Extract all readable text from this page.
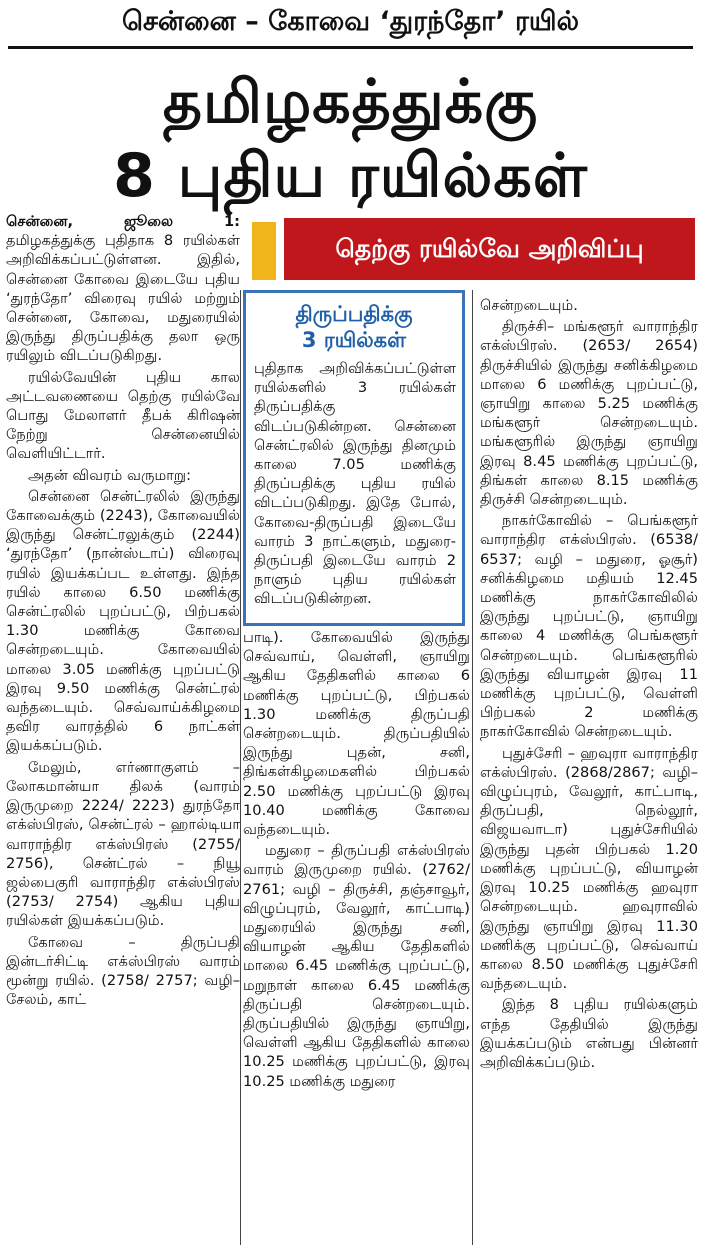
சென்னை – கோவை ‘துரந்தோ’ ரயில்
தமிழகத்துக்கு
8 புதிய ரயில்கள்
தெற்கு ரயில்வே அறிவிப்பு

சென்னை, ஜூலை 1: தமிழகத்துக்கு புதிதாக 8 ரயில்கள் அறிவிக்கப்பட்டுள்ளன. இதில், சென்னை கோவை இடையே புதிய ‘துரந்தோ’ விரைவு ரயில் மற்றும் சென்னை, கோவை, மதுரையில் இருந்து திருப்பதிக்கு தலா ஒரு ரயிலும் விடப்படுகிறது.

ரயில்வேயின் புதிய கால அட்டவணையை தெற்கு ரயில்வே பொது மேலாளர் தீபக் கிரிஷன் நேற்று சென்னையில் வெளியிட்டார்.

அதன் விவரம் வருமாறு:

சென்னை சென்ட்ரலில் இருந்து கோவைக்கும் (2243), கோவையில் இருந்து சென்ட்ரலுக்கும் (2244) ‘துரந்தோ’ (நான்ஸ்டாப்) விரைவு ரயில் இயக்கப்பட உள்ளது. இந்த ரயில் காலை 6.50 மணிக்கு சென்ட்ரலில் புறப்பட்டு, பிற்பகல் 1.30 மணிக்கு கோவை சென்றடையும். கோவையில் மாலை 3.05 மணிக்கு புறப்பட்டு இரவு 9.50 மணிக்கு சென்ட்ரல் வந்தடையும். செவ்வாய்க்கிழமை தவிர வாரத்தில் 6 நாட்கள் இயக்கப்படும்.

மேலும், எர்ணாகுளம் – லோகமான்யா திலக் (வாரம் இருமுறை 2224/ 2223) துரந்தோ எக்ஸ்பிரஸ், சென்ட்ரல் – ஹால்டியா வாராந்திர எக்ஸ்பிரஸ் (2755/ 2756), சென்ட்ரல் – நியூ ஜல்பைகுரி வாராந்திர எக்ஸ்பிரஸ் (2753/ 2754) ஆகிய புதிய ரயில்கள் இயக்கப்படும்.

கோவை – திருப்பதி இன்டர்சிட்டி எக்ஸ்பிரஸ் வாரம் மூன்று ரயில். (2758/ 2757; வழி– சேலம், காட்

திருப்பதிக்கு
3 ரயில்கள்

புதிதாக அறிவிக்கப்பட்டுள்ள ரயில்களில் 3 ரயில்கள் திருப்பதிக்கு விடப்படுகின்றன. சென்னை சென்ட்ரலில் இருந்து தினமும் காலை 7.05 மணிக்கு திருப்பதிக்கு புதிய ரயில் விடப்படுகிறது. இதே போல், கோவை-திருப்பதி இடையே வாரம் 3 நாட்களும், மதுரை-திருப்பதி இடையே வாரம் 2 நாளும் புதிய ரயில்கள் விடப்படுகின்றன.

பாடி). கோவையில் இருந்து செவ்வாய், வெள்ளி, ஞாயிறு ஆகிய தேதிகளில் காலை 6 மணிக்கு புறப்பட்டு, பிற்பகல் 1.30 மணிக்கு திருப்பதி சென்றடையும். திருப்பதியில் இருந்து புதன், சனி, திங்கள்கிழமைகளில் பிற்பகல் 2.50 மணிக்கு புறப்பட்டு இரவு 10.40 மணிக்கு கோவை வந்தடையும்.

மதுரை – திருப்பதி எக்ஸ்பிரஸ் வாரம் இருமுறை ரயில். (2762/ 2761; வழி – திருச்சி, தஞ்சாவூர், விழுப்புரம், வேலூர், காட்பாடி) மதுரையில் இருந்து சனி, வியாழன் ஆகிய தேதிகளில் மாலை 6.45 மணிக்கு புறப்பட்டு, மறுநாள் காலை 6.45 மணிக்கு திருப்பதி சென்றடையும். திருப்பதியில் இருந்து ஞாயிறு, வெள்ளி ஆகிய தேதிகளில் காலை 10.25 மணிக்கு புறப்பட்டு, இரவு 10.25 மணிக்கு மதுரை

சென்றடையும்.

திருச்சி– மங்களூர் வாராந்திர எக்ஸ்பிரஸ். (2653/ 2654) திருச்சியில் இருந்து சனிக்கிழமை மாலை 6 மணிக்கு புறப்பட்டு, ஞாயிறு காலை 5.25 மணிக்கு மங்களூர் சென்றடையும். மங்களூரில் இருந்து ஞாயிறு இரவு 8.45 மணிக்கு புறப்பட்டு, திங்கள் காலை 8.15 மணிக்கு திருச்சி சென்றடையும்.

நாகர்கோவில் – பெங்களூர் வாராந்திர எக்ஸ்பிரஸ். (6538/ 6537; வழி – மதுரை, ஓசூர்) சனிக்கிழமை மதியம் 12.45 மணிக்கு நாகர்கோவிலில் இருந்து புறப்பட்டு, ஞாயிறு காலை 4 மணிக்கு பெங்களூர் சென்றடையும். பெங்களூரில் இருந்து வியாழன் இரவு 11 மணிக்கு புறப்பட்டு, வெள்ளி பிற்பகல் 2 மணிக்கு நாகர்கோவில் சென்றடையும்.

புதுச்சேரி – ஹவுரா வாராந்திர எக்ஸ்பிரஸ். (2868/2867; வழி–விழுப்புரம், வேலூர், காட்பாடி, திருப்பதி, நெல்லூர், விஜயவாடா) புதுச்சேரியில் இருந்து புதன் பிற்பகல் 1.20 மணிக்கு புறப்பட்டு, வியாழன் இரவு 10.25 மணிக்கு ஹவுரா சென்றடையும். ஹவுராவில் இருந்து ஞாயிறு இரவு 11.30 மணிக்கு புறப்பட்டு, செவ்வாய் காலை 8.50 மணிக்கு புதுச்சேரி வந்தடையும்.

இந்த 8 புதிய ரயில்களும் எந்த தேதியில் இருந்து இயக்கப்படும் என்பது பின்னர் அறிவிக்கப்படும்.
